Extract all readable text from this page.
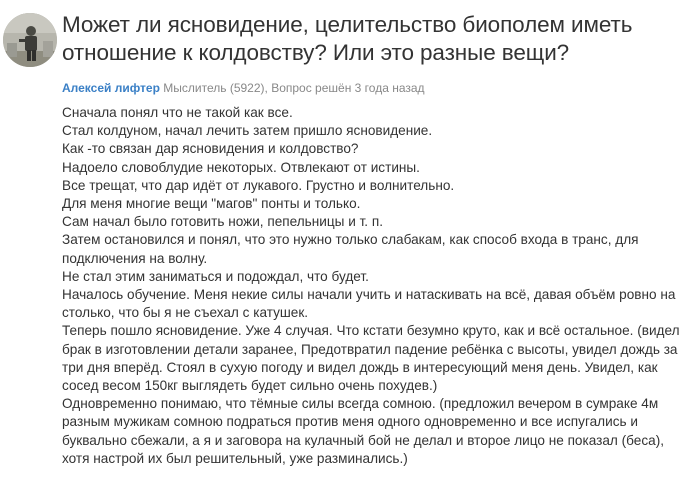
Может ли ясновидение, целительство биополем иметь отношение к колдовству? Или это разные вещи?
Алексей лифтер Мыслитель (5922), Вопрос решён 3 года назад

Сначала понял что не такой как все.

Стал колдуном, начал лечить затем пришло ясновидение.

Как -то связан дар ясновидения и колдовство?

Надоело словоблудие некоторых. Отвлекают от истины.

Все трещат, что дар идёт от лукавого. Грустно и волнительно.

Для меня многие вещи "магов" понты и только.

Сам начал было готовить ножи, пепельницы и т. п.

Затем остановился и понял, что это нужно только слабакам, как способ входа в транс, для подключения на волну.

Не стал этим заниматься и подождал, что будет.

Началось обучение. Меня некие силы начали учить и натаскивать на всё, давая объём ровно на столько, что бы я не съехал с катушек.

Теперь пошло ясновидение. Уже 4 случая. Что кстати безумно круто, как и всё остальное. (видел брак в изготовлении детали заранее, Предотвратил падение ребёнка с высоты, увидел дождь за три дня вперёд. Стоял в сухую погоду и видел дождь в интересующий меня день. Увидел, как сосед весом 150кг выглядеть будет сильно очень похудев.)

Одновременно понимаю, что тёмные силы всегда сомною. (предложил вечером в сумраке 4м разным мужикам сомною подраться против меня одного одновременно и все испугались и буквально сбежали, а я и заговора на кулачный бой не делал и второе лицо не показал (беса), хотя настрой их был решительный, уже разминались.)
